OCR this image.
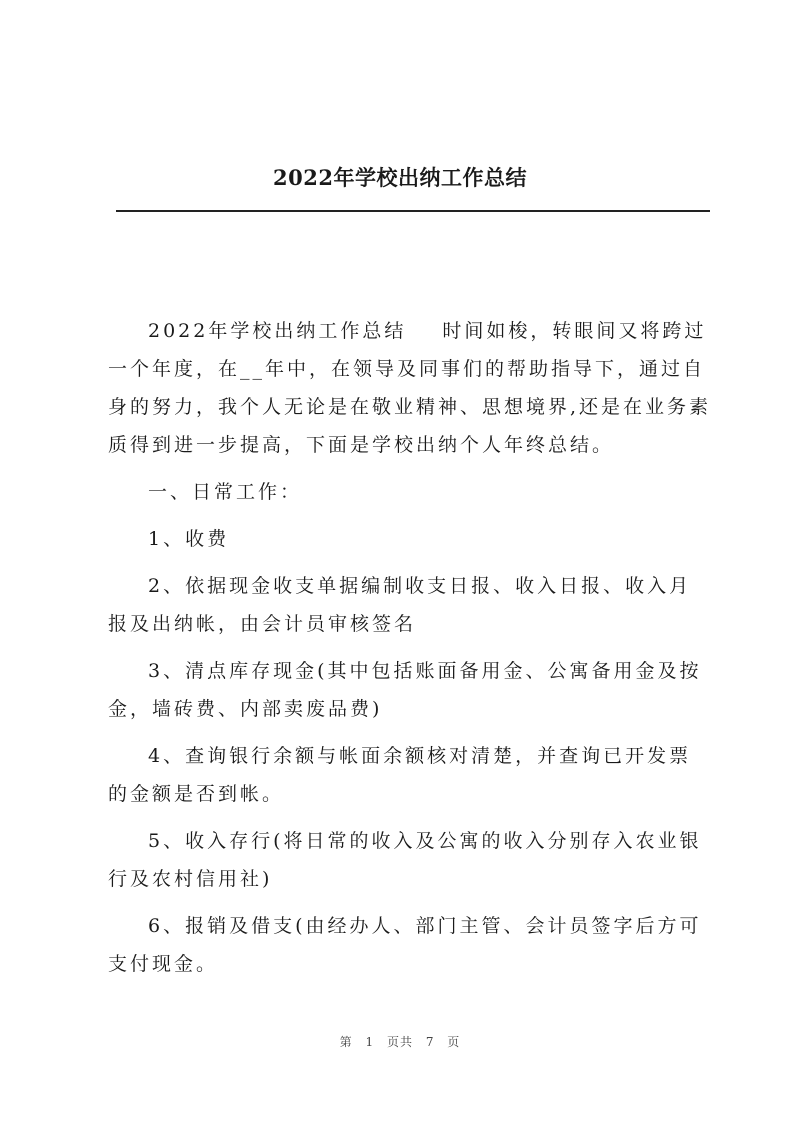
2022年学校出纳工作总结

2022年学校出纳工作总结 时间如梭，转眼间又将跨过一个年度，在__年中，在领导及同事们的帮助指导下，通过自身的努力，我个人无论是在敬业精神、思想境界,还是在业务素质得到进一步提高，下面是学校出纳个人年终总结。

一、日常工作：

1、收费

2、依据现金收支单据编制收支日报、收入日报、收入月报及出纳帐，由会计员审核签名

3、清点库存现金(其中包括账面备用金、公寓备用金及按金，墙砖费、内部卖废品费)

4、查询银行余额与帐面余额核对清楚，并查询已开发票的金额是否到帐。

5、收入存行(将日常的收入及公寓的收入分别存入农业银行及农村信用社)

6、报销及借支(由经办人、部门主管、会计员签字后方可支付现金。

第 1 页共 7 页
